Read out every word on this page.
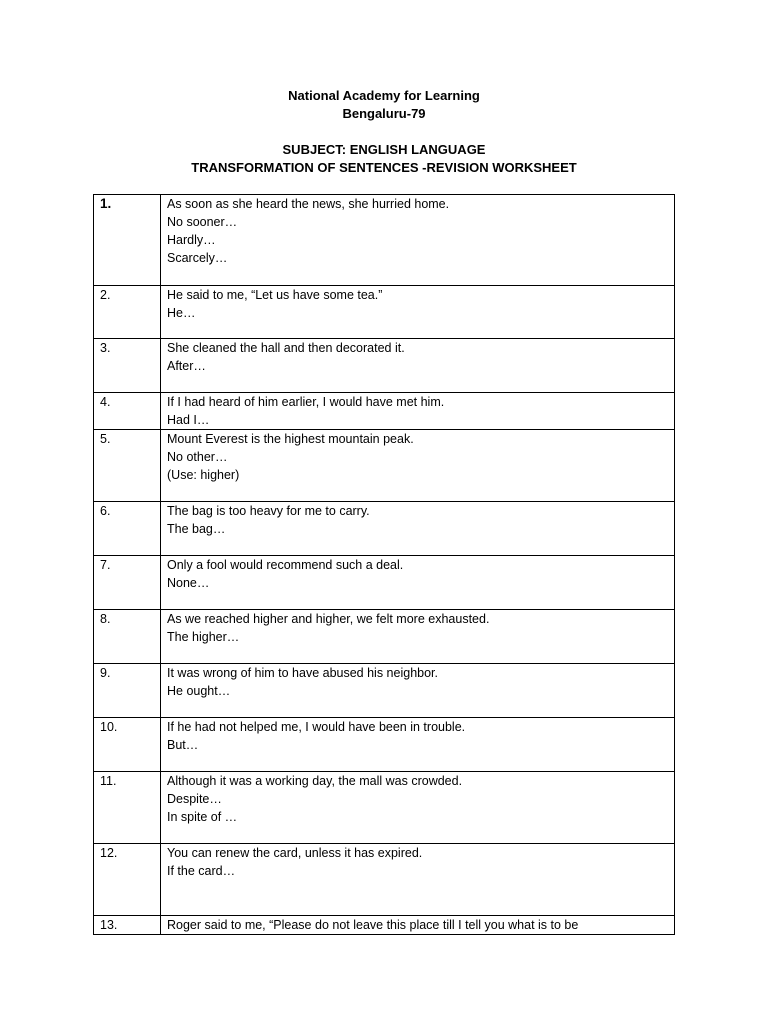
National Academy for Learning
Bengaluru-79
SUBJECT: ENGLISH LANGUAGE
TRANSFORMATION OF SENTENCES -REVISION WORKSHEET
1.	As soon as she heard the news, she hurried home.
No sooner…
Hardly…
Scarcely…

2.	He said to me, “Let us have some tea.”
He…

3.	She cleaned the hall and then decorated it.
After…

4.	If I had heard of him earlier, I would have met him.
Had I…

5.	Mount Everest is the highest mountain peak.
No other…
(Use: higher)

6.	The bag is too heavy for me to carry.
The bag…

7.	Only a fool would recommend such a deal.
None…

8.	As we reached higher and higher, we felt more exhausted.
The higher…

9.	It was wrong of him to have abused his neighbor.
He ought…

10.	If he had not helped me, I would have been in trouble.
But…

11.	Although it was a working day, the mall was crowded.
Despite…
In spite of …

12.	You can renew the card, unless it has expired.
If the card…

13.	Roger said to me, “Please do not leave this place till I tell you what is to be
